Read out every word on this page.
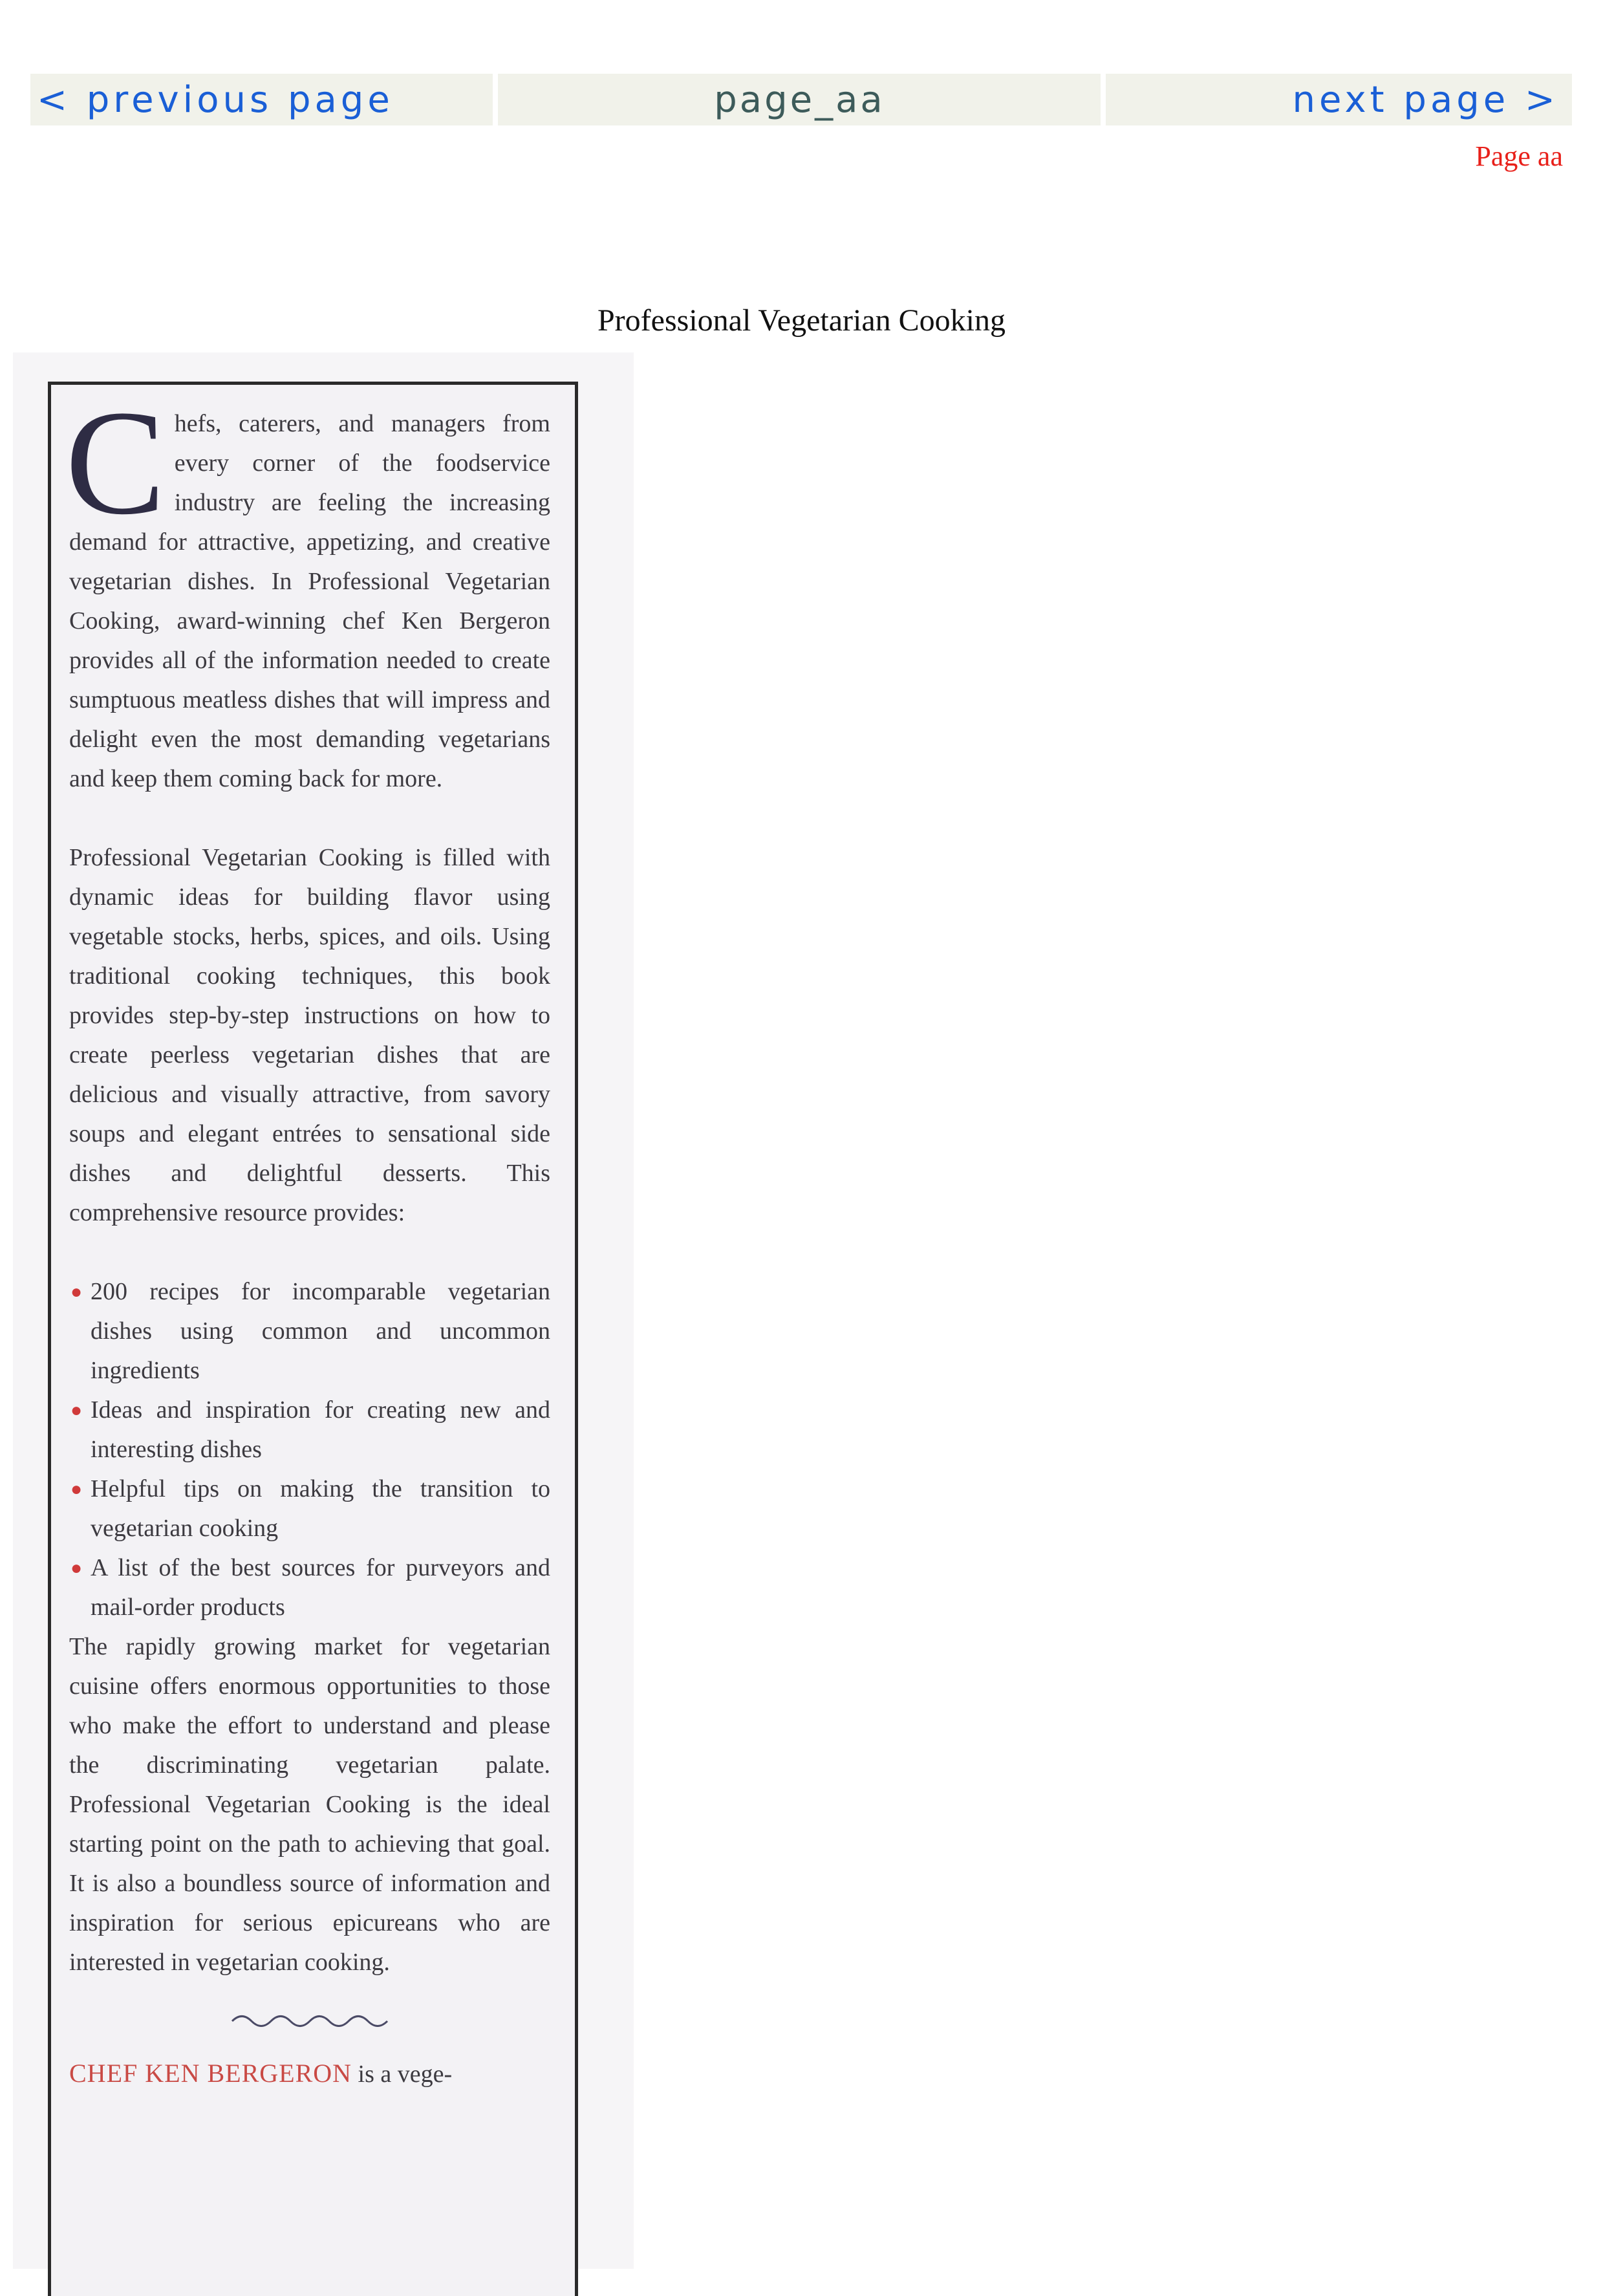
< previous page	page_aa	next page >
Page aa
Professional Vegetarian Cooking

Chefs, caterers, and managers from every corner of the foodservice industry are feeling the increasing demand for attractive, appetizing, and creative vegetarian dishes. In Professional Vegetarian Cooking, award-winning chef Ken Bergeron provides all of the information needed to create sumptuous meatless dishes that will impress and delight even the most demanding vegetarians and keep them coming back for more.

Professional Vegetarian Cooking is filled with dynamic ideas for building flavor using vegetable stocks, herbs, spices, and oils. Using traditional cooking techniques, this book provides step-by-step instructions on how to create peerless vegetarian dishes that are delicious and visually attractive, from savory soups and elegant entrées to sensational side dishes and delightful desserts. This comprehensive resource provides:

● 200 recipes for incomparable vegetarian dishes using common and uncommon ingredients
● Ideas and inspiration for creating new and interesting dishes
● Helpful tips on making the transition to vegetarian cooking
● A list of the best sources for purveyors and mail-order products

The rapidly growing market for vegetarian cuisine offers enormous opportunities to those who make the effort to understand and please the discriminating vegetarian palate. Professional Vegetarian Cooking is the ideal starting point on the path to achieving that goal. It is also a boundless source of information and inspiration for serious epicureans who are interested in vegetarian cooking.

CHEF KEN BERGERON is a vege-
